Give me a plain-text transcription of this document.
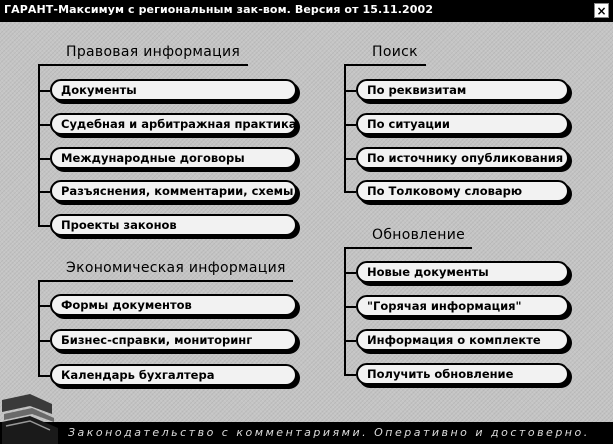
ГАРАНТ-Максимум с региональным зак-вом. Версия от 15.11.2002	×
Правовая информация
Документы
Судебная и арбитражная практика
Международные договоры
Разъяснения, комментарии, схемы
Проекты законов
Экономическая информация
Формы документов
Бизнес-справки, мониторинг
Календарь бухгалтера
Поиск
По реквизитам
По ситуации
По источнику опубликования
По Толковому словарю
Обновление
Новые документы
"Горячая информация"
Информация о комплекте
Получить обновление
Законодательство с комментариями. Оперативно и достоверно.
